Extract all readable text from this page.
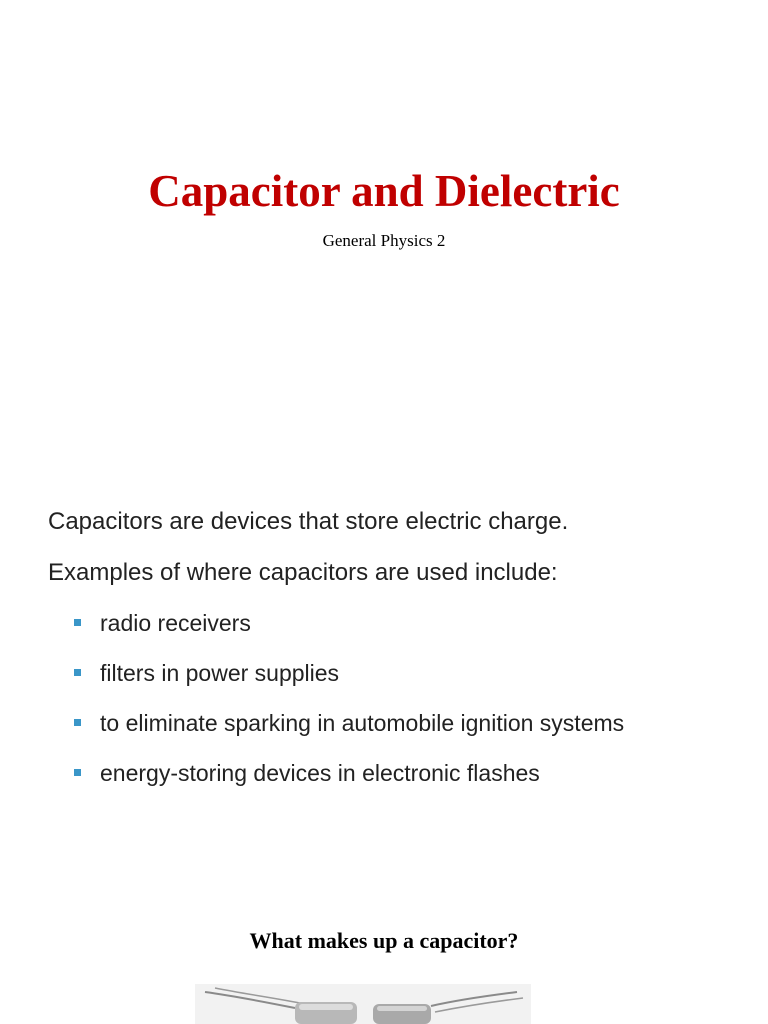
Capacitor and Dielectric

General Physics 2

Capacitors are devices that store electric charge.

Examples of where capacitors are used include:

radio receivers
filters in power supplies
to eliminate sparking in automobile ignition systems
energy-storing devices in electronic flashes
What makes up a capacitor?
